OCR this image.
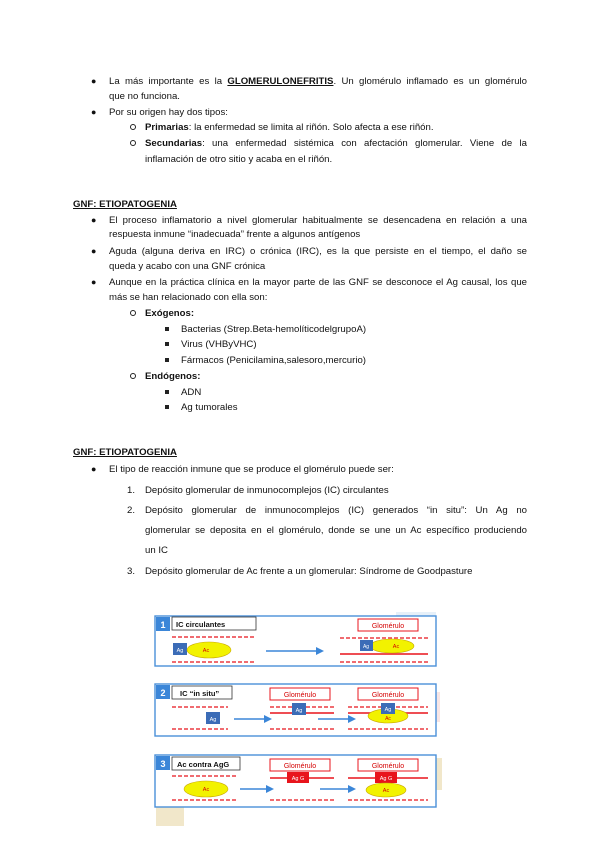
● La más importante es la GLOMERULONEFRITIS. Un glomérulo inflamado es un glomérulo
que no funciona.
● Por su origen hay dos tipos:
Primarias: la enfermedad se limita al riñón. Solo afecta a ese riñón.
Secundarias: una enfermedad sistémica con afectación glomerular. Viene de la
inflamación de otro sitio y acaba en el riñón.
GNF: ETIOPATOGENIA
● El proceso inflamatorio a nivel glomerular habitualmente se desencadena en relación a una
respuesta inmune “inadecuada” frente a algunos antígenos
● Aguda (alguna deriva en IRC) o crónica (IRC), es la que persiste en el tiempo, el daño se
queda y acabo con una GNF crónica
● Aunque en la práctica clínica en la mayor parte de las GNF se desconoce el Ag causal, los que
más se han relacionado con ella son:
Exógenos:
Bacterias (Strep.Beta-hemolíticodelgrupoA)
Virus (VHByVHC)
Fármacos (Penicilamina,salesoro,mercurio)
Endógenos:
ADN
Ag tumorales
GNF: ETIOPATOGENIA
● El tipo de reacción inmune que se produce el glomérulo puede ser:
1. Depósito glomerular de inmunocomplejos (IC) circulantes
2. Depósito glomerular de inmunocomplejos (IC) generados “in situ”: Un Ag no
glomerular se deposita en el glomérulo, donde se une un Ac específico produciendo
un IC
3. Depósito glomerular de Ac frente a un glomerular: Síndrome de Goodpasture
1 IC circulantes
Ag	Ac
Glomérulo
Ag	Ac
2 IC “in situ”
Ag
Glomérulo
Ag
Glomérulo
Ag
Ac
3 Ac contra AgG
Ac
Glomérulo
Ag G
Glomérulo
Ag G
Ac
